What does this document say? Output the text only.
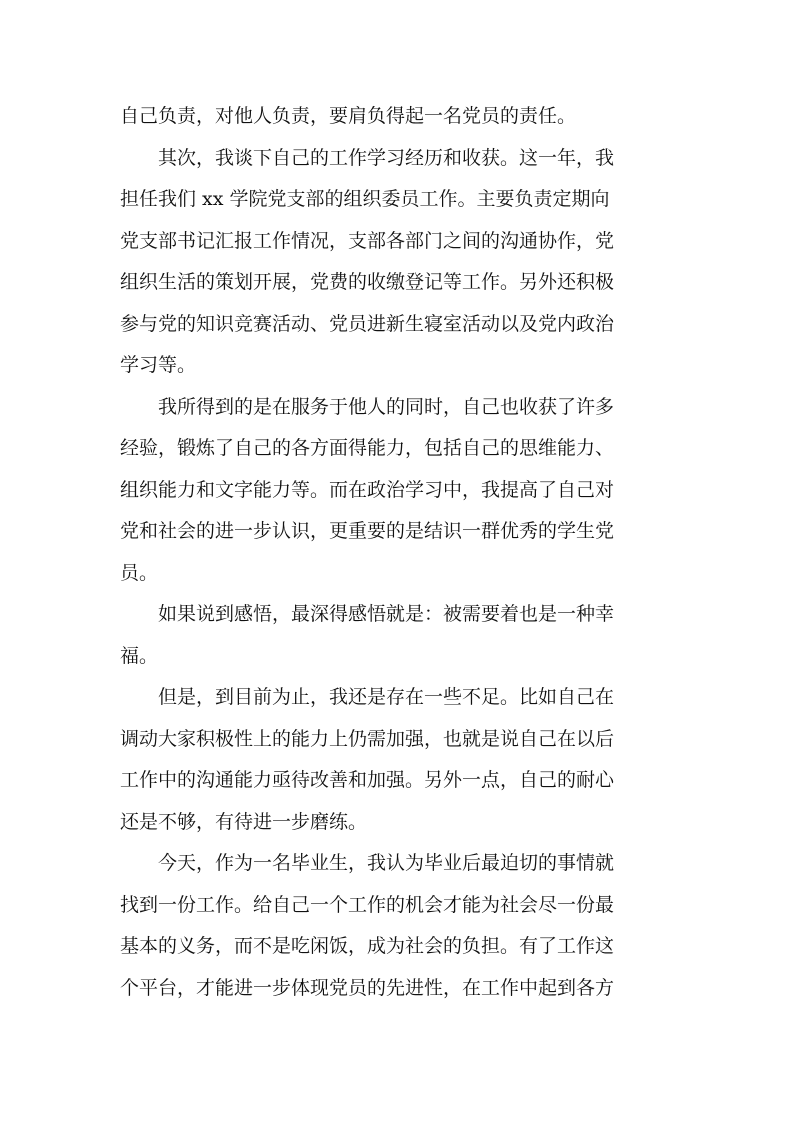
自己负责，对他人负责，要肩负得起一名党员的责任。
　　其次，我谈下自己的工作学习经历和收获。这一年，我
担任我们 xx 学院党支部的组织委员工作。主要负责定期向
党支部书记汇报工作情况，支部各部门之间的沟通协作，党
组织生活的策划开展，党费的收缴登记等工作。另外还积极
参与党的知识竞赛活动、党员进新生寝室活动以及党内政治
学习等。
　　我所得到的是在服务于他人的同时，自己也收获了许多
经验，锻炼了自己的各方面得能力，包括自己的思维能力、
组织能力和文字能力等。而在政治学习中，我提高了自己对
党和社会的进一步认识，更重要的是结识一群优秀的学生党
员。
　　如果说到感悟，最深得感悟就是：被需要着也是一种幸
福。
　　但是，到目前为止，我还是存在一些不足。比如自己在
调动大家积极性上的能力上仍需加强，也就是说自己在以后
工作中的沟通能力亟待改善和加强。另外一点，自己的耐心
还是不够，有待进一步磨练。
　　今天，作为一名毕业生，我认为毕业后最迫切的事情就
找到一份工作。给自己一个工作的机会才能为社会尽一份最
基本的义务，而不是吃闲饭，成为社会的负担。有了工作这
个平台，才能进一步体现党员的先进性，在工作中起到各方
